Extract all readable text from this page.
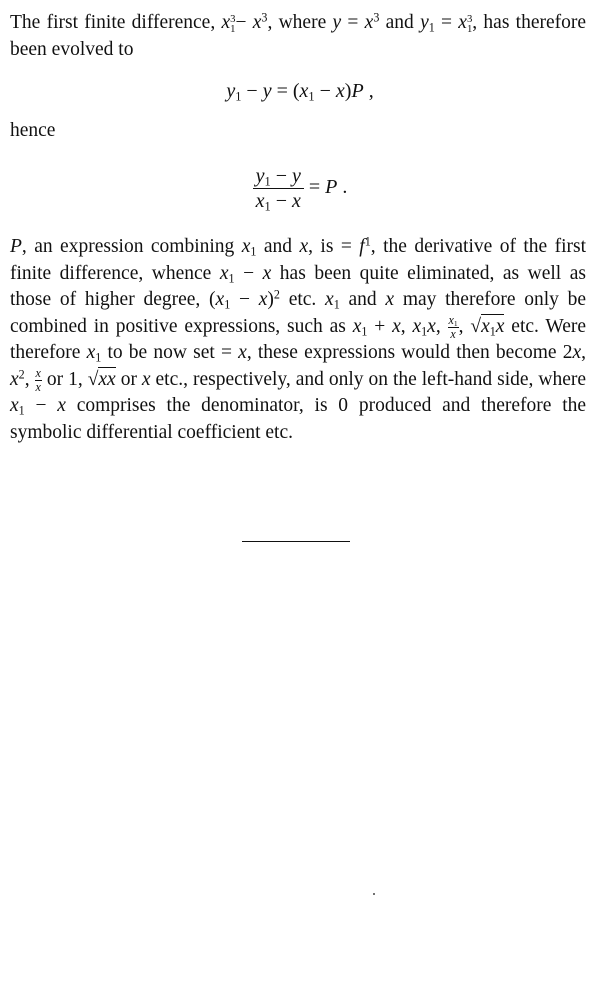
The first finite difference, x 3
$1 - x^3$, where $y = x^3$ and $y_1 = x$ 3
1 , has therefore been evolved to
$y_1 - y = (x_1 - x)P$ ,
hence
$\frac{y_1 - y}{x_1 - x} = P$ .
P, an expression combining $x_1$ and x, is = $f^1$, the derivative of the first finite difference, whence $x_1 - x$ has been quite eliminated, as well as those of higher degree, $(x_1 - x)^2$ etc. $x_1$ and x may therefore only be combined in positive expressions, such as $x_1 + x$, $x_1x$, $\frac{x_1}{x}$ , $√x_1x$ etc. Were therefore $x_1$ to be now set = x, these expressions would then become 2x, $x^2$, $\frac{x}{x}$ or 1, √xx or x etc., respectively, and only on the left-hand side, where $x_1 - x$ comprises the denominator, is 0 produced and therefore the symbolic differential coefficient etc.
